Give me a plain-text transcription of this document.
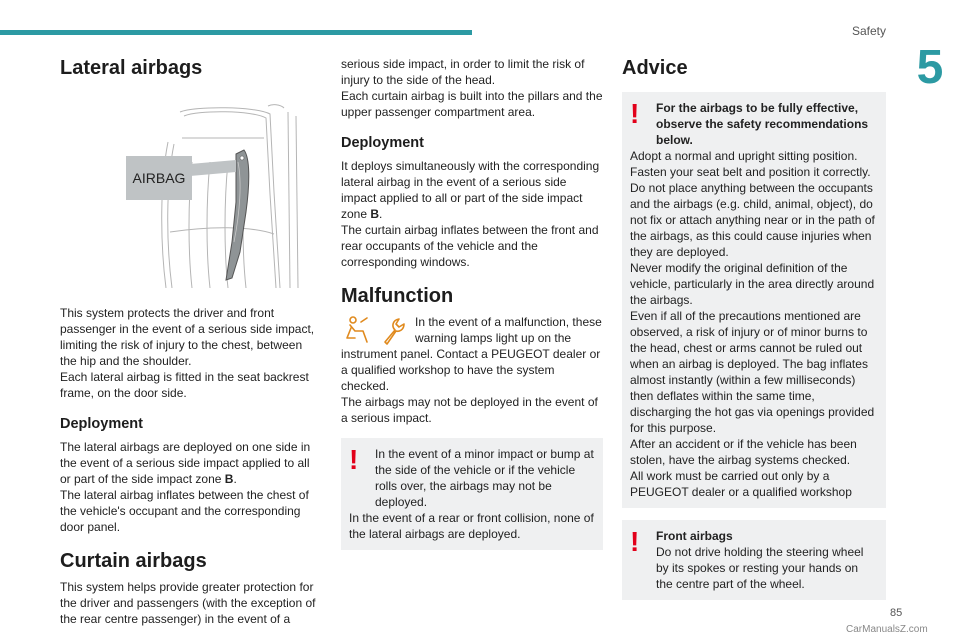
Safety
5
Lateral airbags
AIRBAG

This system protects the driver and front passenger in the event of a serious side impact, limiting the risk of injury to the chest, between the hip and the shoulder.

Each lateral airbag is fitted in the seat backrest frame, on the door side.

Deployment

The lateral airbags are deployed on one side in the event of a serious side impact applied to all or part of the side impact zone B.

The lateral airbag inflates between the chest of the vehicle's occupant and the corresponding door panel.

Curtain airbags

This system helps provide greater protection for the driver and passengers (with the exception of the rear centre passenger) in the event of a

serious side impact, in order to limit the risk of injury to the side of the head.

Each curtain airbag is built into the pillars and the upper passenger compartment area.

Deployment

It deploys simultaneously with the corresponding lateral airbag in the event of a serious side impact applied to all or part of the side impact zone B.

The curtain airbag inflates between the front and rear occupants of the vehicle and the corresponding windows.

Malfunction

In the event of a malfunction, these warning lamps light up on the instrument panel. Contact a PEUGEOT dealer or a qualified workshop to have the system checked.

The airbags may not be deployed in the event of a serious impact.

!	In the event of a minor impact or bump at the side of the vehicle or if the vehicle rolls over, the airbags may not be deployed.

In the event of a rear or front collision, none of the lateral airbags are deployed.

Advice
!	For the airbags to be fully effective, observe the safety recommendations below.

Adopt a normal and upright sitting position.

Fasten your seat belt and position it correctly.

Do not place anything between the occupants and the airbags (e.g. child, animal, object), do not fix or attach anything near or in the path of the airbags, as this could cause injuries when they are deployed.

Never modify the original definition of the vehicle, particularly in the area directly around the airbags.

Even if all of the precautions mentioned are observed, a risk of injury or of minor burns to the head, chest or arms cannot be ruled out when an airbag is deployed. The bag inflates almost instantly (within a few milliseconds) then deflates within the same time, discharging the hot gas via openings provided for this purpose.

After an accident or if the vehicle has been stolen, have the airbag systems checked.

All work must be carried out only by a PEUGEOT dealer or a qualified workshop

!	Front airbags

Do not drive holding the steering wheel by its spokes or resting your hands on the centre part of the wheel.

85
CarManualsZ.com
